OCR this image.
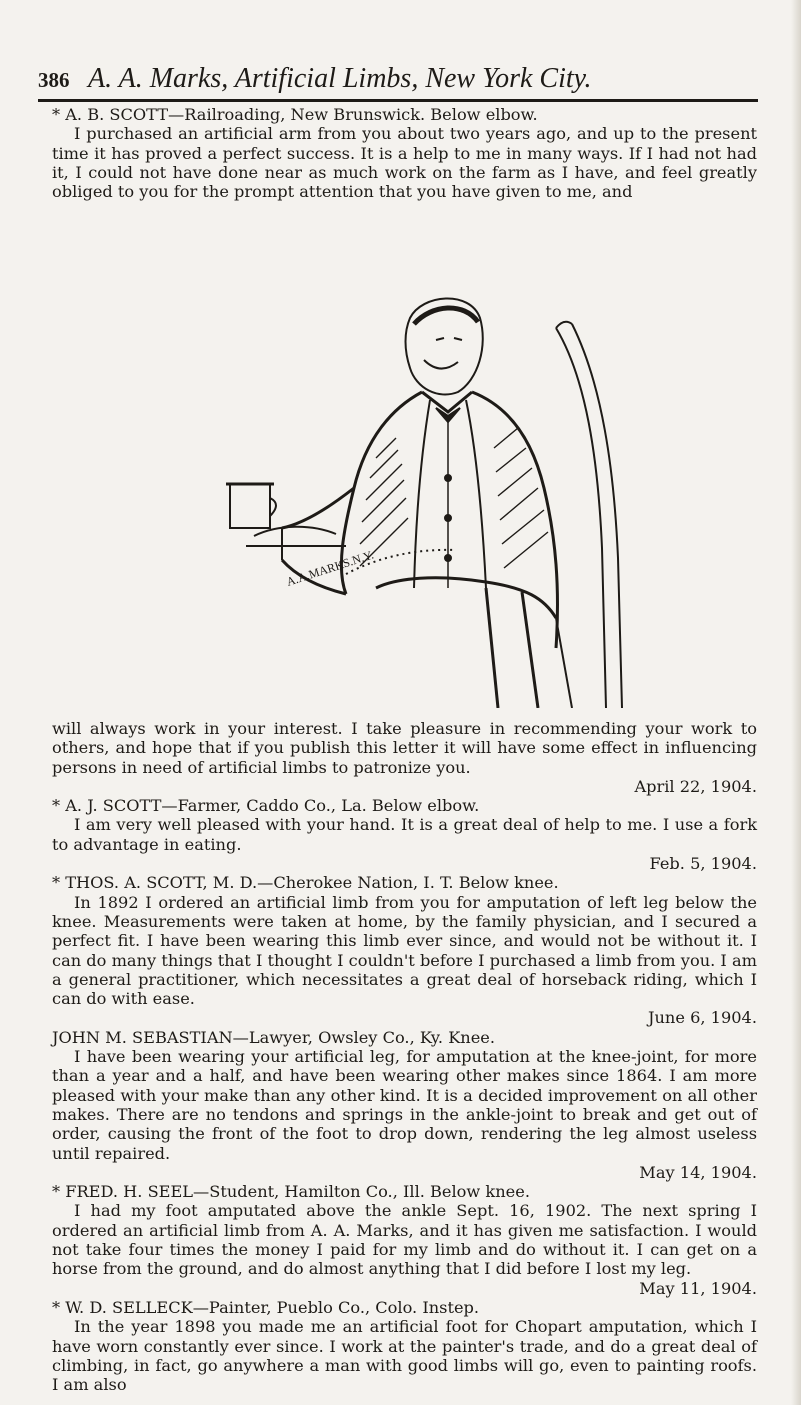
386 A. A. Marks, Artificial Limbs, New York City.

* A. B. SCOTT—Railroading, New Brunswick. Below elbow.

I purchased an artificial arm from you about two years ago, and up to the present time it has proved a perfect success. It is a help to me in many ways. If I had not had it, I could not have done near as much work on the farm as I have, and feel greatly obliged to you for the prompt attention that you have given to me, and

A.A.MARKS.N.Y.

will always work in your interest. I take pleasure in recommending your work to others, and hope that if you publish this letter it will have some effect in influencing persons in need of artificial limbs to patronize you.
April 22, 1904.

* A. J. SCOTT—Farmer, Caddo Co., La. Below elbow.

I am very well pleased with your hand. It is a great deal of help to me. I use a fork to advantage in eating.
Feb. 5, 1904.

* THOS. A. SCOTT, M. D.—Cherokee Nation, I. T. Below knee.

In 1892 I ordered an artificial limb from you for amputation of left leg below the knee. Measurements were taken at home, by the family physician, and I secured a perfect fit. I have been wearing this limb ever since, and would not be without it. I can do many things that I thought I couldn't before I purchased a limb from you. I am a general practitioner, which necessitates a great deal of horseback riding, which I can do with ease.
June 6, 1904.

JOHN M. SEBASTIAN—Lawyer, Owsley Co., Ky. Knee.

I have been wearing your artificial leg, for amputation at the knee-joint, for more than a year and a half, and have been wearing other makes since 1864. I am more pleased with your make than any other kind. It is a decided improvement on all other makes. There are no tendons and springs in the ankle-joint to break and get out of order, causing the front of the foot to drop down, rendering the leg almost useless until repaired.
May 14, 1904.

* FRED. H. SEEL—Student, Hamilton Co., Ill. Below knee.

I had my foot amputated above the ankle Sept. 16, 1902. The next spring I ordered an artificial limb from A. A. Marks, and it has given me satisfaction. I would not take four times the money I paid for my limb and do without it. I can get on a horse from the ground, and do almost anything that I did before I lost my leg.
May 11, 1904.

* W. D. SELLECK—Painter, Pueblo Co., Colo. Instep.

In the year 1898 you made me an artificial foot for Chopart amputation, which I have worn constantly ever since. I work at the painter's trade, and do a great deal of climbing, in fact, go anywhere a man with good limbs will go, even to painting roofs. I am also
